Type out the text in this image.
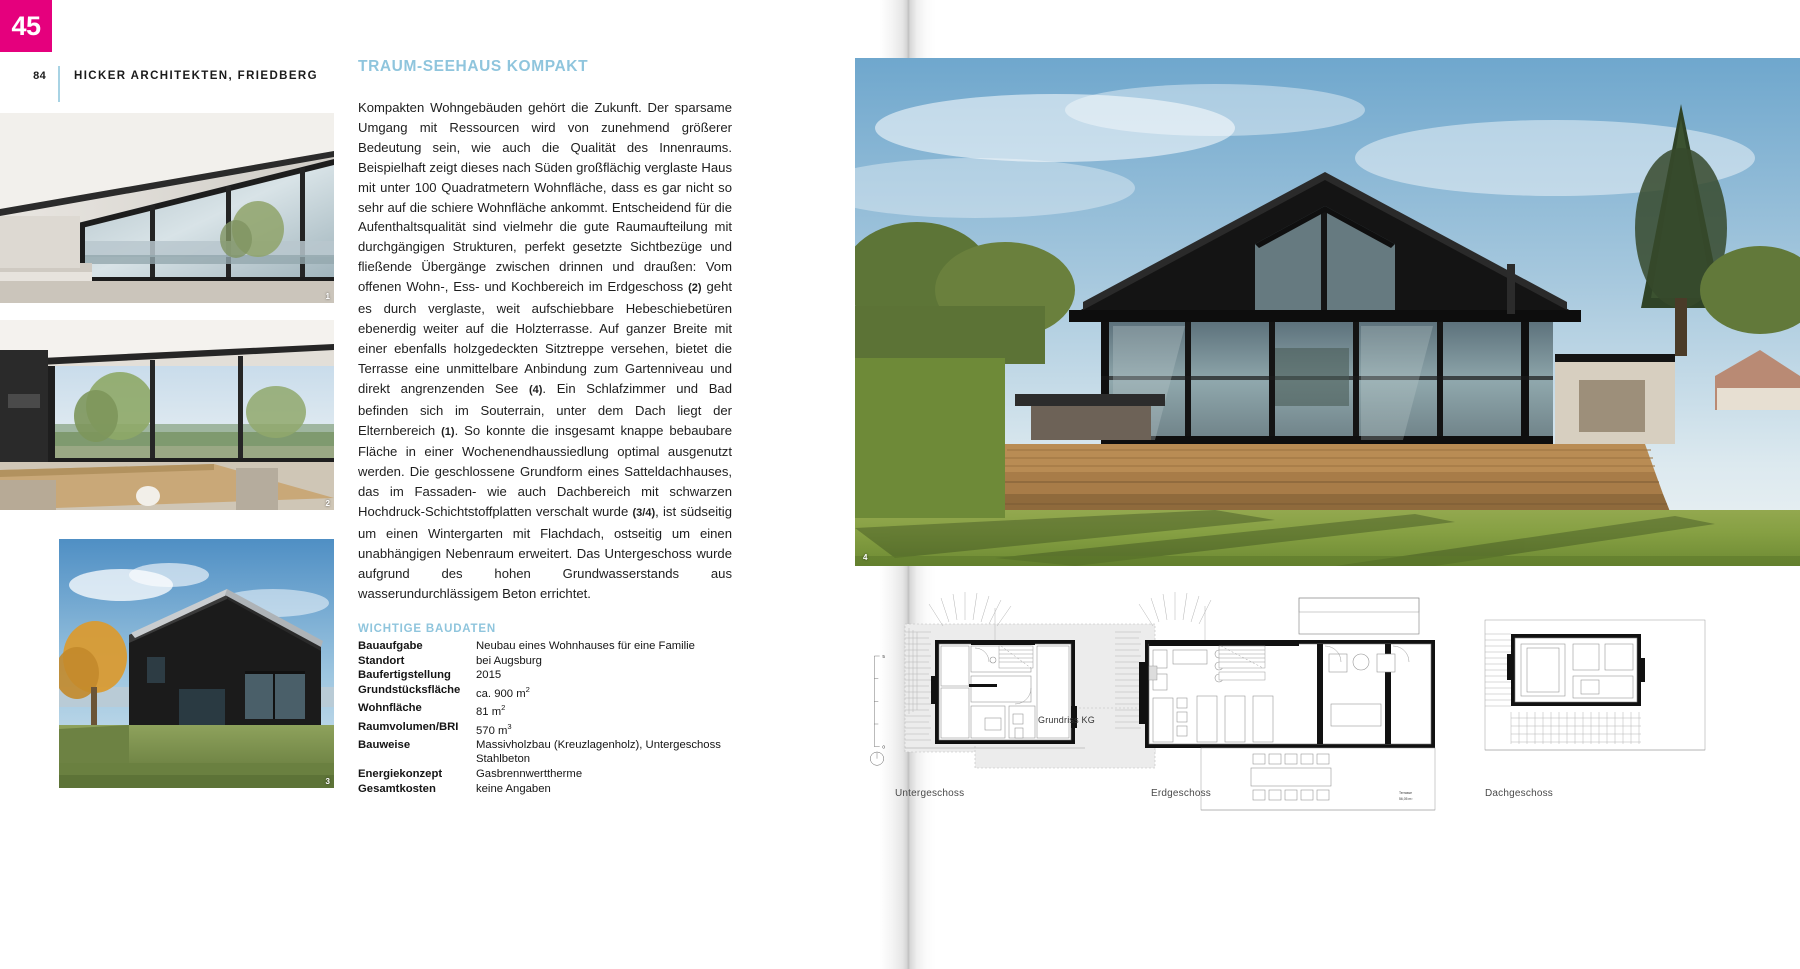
45
84 HICKER ARCHITEKTEN, FRIEDBERG
1
2
3
TRAUM-SEEHAUS KOMPAKT
Kompakten Wohngebäuden gehört die Zukunft. Der sparsame Umgang mit Ressourcen wird von zunehmend größerer Bedeutung sein, wie auch die Qualität des Innenraums. Beispielhaft zeigt dieses nach Süden großflächig verglaste Haus mit unter 100 Quadratmetern Wohnfläche, dass es gar nicht so sehr auf die schiere Wohnfläche ankommt. Entscheidend für die Aufenthaltsqualität sind vielmehr die gute Raumaufteilung mit durchgängigen Strukturen, perfekt gesetzte Sichtbezüge und fließende Übergänge zwischen drinnen und draußen: Vom offenen Wohn-, Ess- und Kochbereich im Erdgeschoss (2) geht es durch verglaste, weit aufschiebbare Hebeschiebetüren ebenerdig weiter auf die Holzterrasse. Auf ganzer Breite mit einer ebenfalls holzgedeckten Sitztreppe versehen, bietet die Terrasse eine unmittelbare Anbindung zum Gartenniveau und direkt angrenzenden See (4). Ein Schlafzimmer und Bad befinden sich im Souterrain, unter dem Dach liegt der Elternbereich (1). So konnte die insgesamt knappe bebaubare Fläche in einer Wochenendhaussiedlung optimal ausgenutzt werden. Die geschlossene Grundform eines Satteldachhauses, das im Fassaden- wie auch Dachbereich mit schwarzen Hochdruck-Schichtstoffplatten verschalt wurde (3/4), ist südseitig um einen Wintergarten mit Flachdach, ostseitig um einen unabhängigen Nebenraum erweitert. Das Untergeschoss wurde aufgrund des hohen Grundwasserstands aus wasserundurchlässigem Beton errichtet.
WICHTIGE BAUDATEN
Bauaufgabe	Neubau eines Wohnhauses für eine Familie
Standort	bei Augsburg
Baufertigstellung	2015
Grundstücksfläche	ca. 900 $m^2$
Wohnfläche	81 $m^2$
Raumvolumen/BRI	570 $m^3$
Bauweise	Massivholzbau (Kreuzlagenholz), Untergeschoss
Stahlbeton
Energiekonzept	Gasbrennwerttherme
Gesamtkosten	keine Angaben
4
5
0
Untergeschoss	Terrasse
56,05 m²
Erdgeschoss	Dachgeschoss
Grundriss KG
